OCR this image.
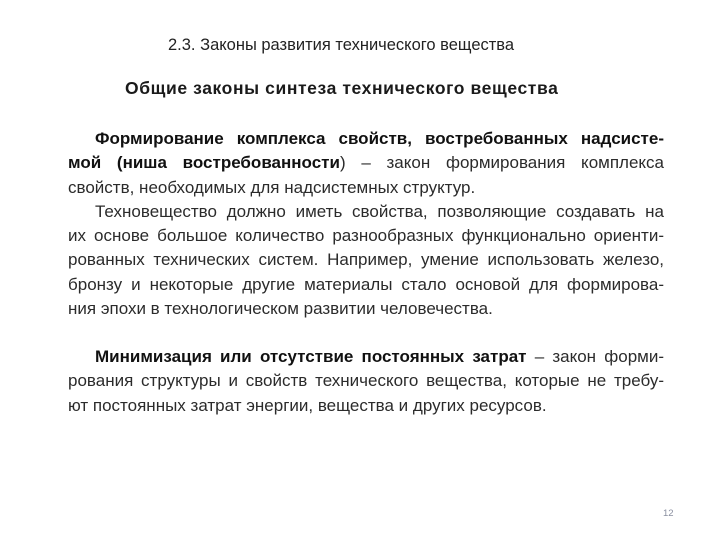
2.3. Законы развития технического вещества
Общие законы синтеза технического вещества
Формирование комплекса свойств, востребованных надсисте-
мой (ниша востребованности) – закон формирования комплекса
свойств, необходимых для надсистемных структур.
Техновещество должно иметь свойства, позволяющие создавать на
их основе большое количество разнообразных функционально ориенти-
рованных технических систем. Например, умение использовать железо,
бронзу и некоторые другие материалы стало основой для формирова-
ния эпохи в технологическом развитии человечества.
Минимизация или отсутствие постоянных затрат – закон форми-
рования структуры и свойств технического вещества, которые не требу-
ют постоянных затрат энергии, вещества и других ресурсов.
12
